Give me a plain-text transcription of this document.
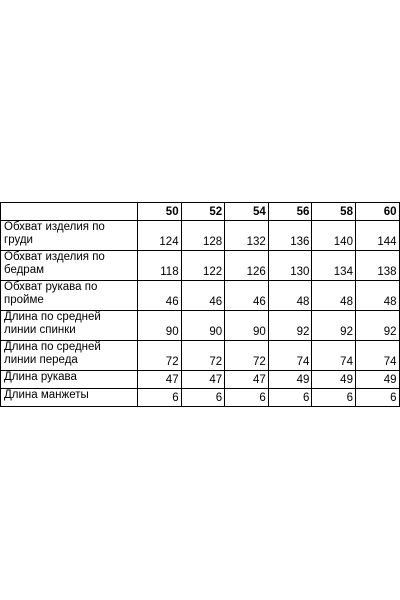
	50	52	54	56	58	60
Обхват изделия по груди	124	128	132	136	140	144
Обхват изделия по бедрам	118	122	126	130	134	138
Обхват рукава по пройме	46	46	46	48	48	48
Длина по средней линии спинки	90	90	90	92	92	92
Длина по средней линии переда	72	72	72	74	74	74
Длина рукава	47	47	47	49	49	49
Длина манжеты	6	6	6	6	6	6
